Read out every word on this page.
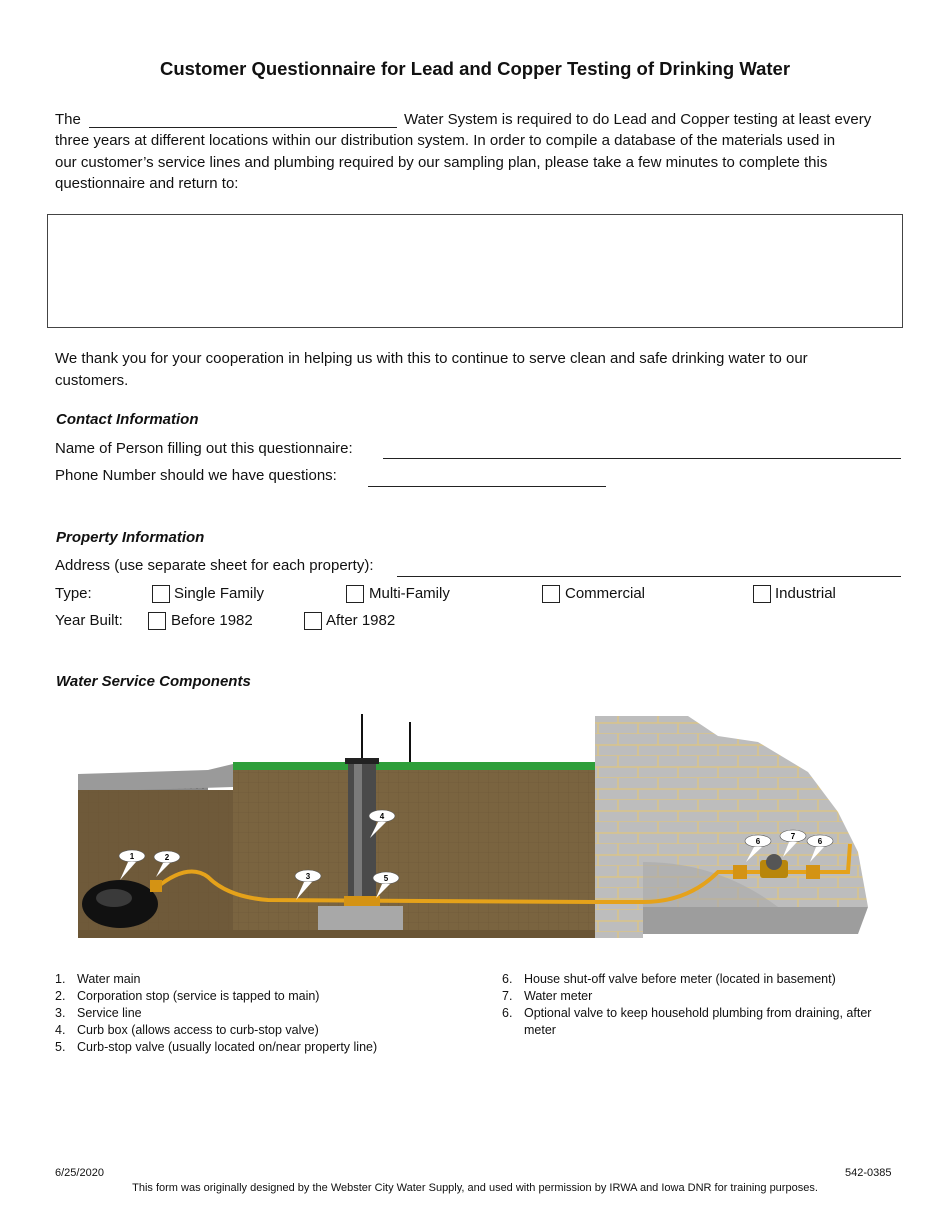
Customer Questionnaire for Lead and Copper Testing of Drinking Water
The	Water System is required to do Lead and Copper testing at least every
three years at different locations within our distribution system. In order to compile a database of the materials used in
our customer’s service lines and plumbing required by our sampling plan, please take a few minutes to complete this
questionnaire and return to:
We thank you for your cooperation in helping us with this to continue to serve clean and safe drinking water to our
customers.
Contact Information
Name of Person filling out this questionnaire:
Phone Number should we have questions:
Property Information
Address (use separate sheet for each property):
Type:	Single Family	Multi-Family	Commercial	Industrial
Year Built:	Before 1982	After 1982
Water Service Components
1	2
3
4
5
6
7
6
1. Water main
2. Corporation stop (service is tapped to main)
3. Service line
4. Curb box (allows access to curb-stop valve)
5. Curb-stop valve (usually located on/near property line)
6. House shut-off valve before meter (located in basement)
7. Water meter
6. Optional valve to keep household plumbing from draining, after
meter
6/25/2020	542-0385
This form was originally designed by the Webster City Water Supply, and used with permission by IRWA and Iowa DNR for training purposes.
